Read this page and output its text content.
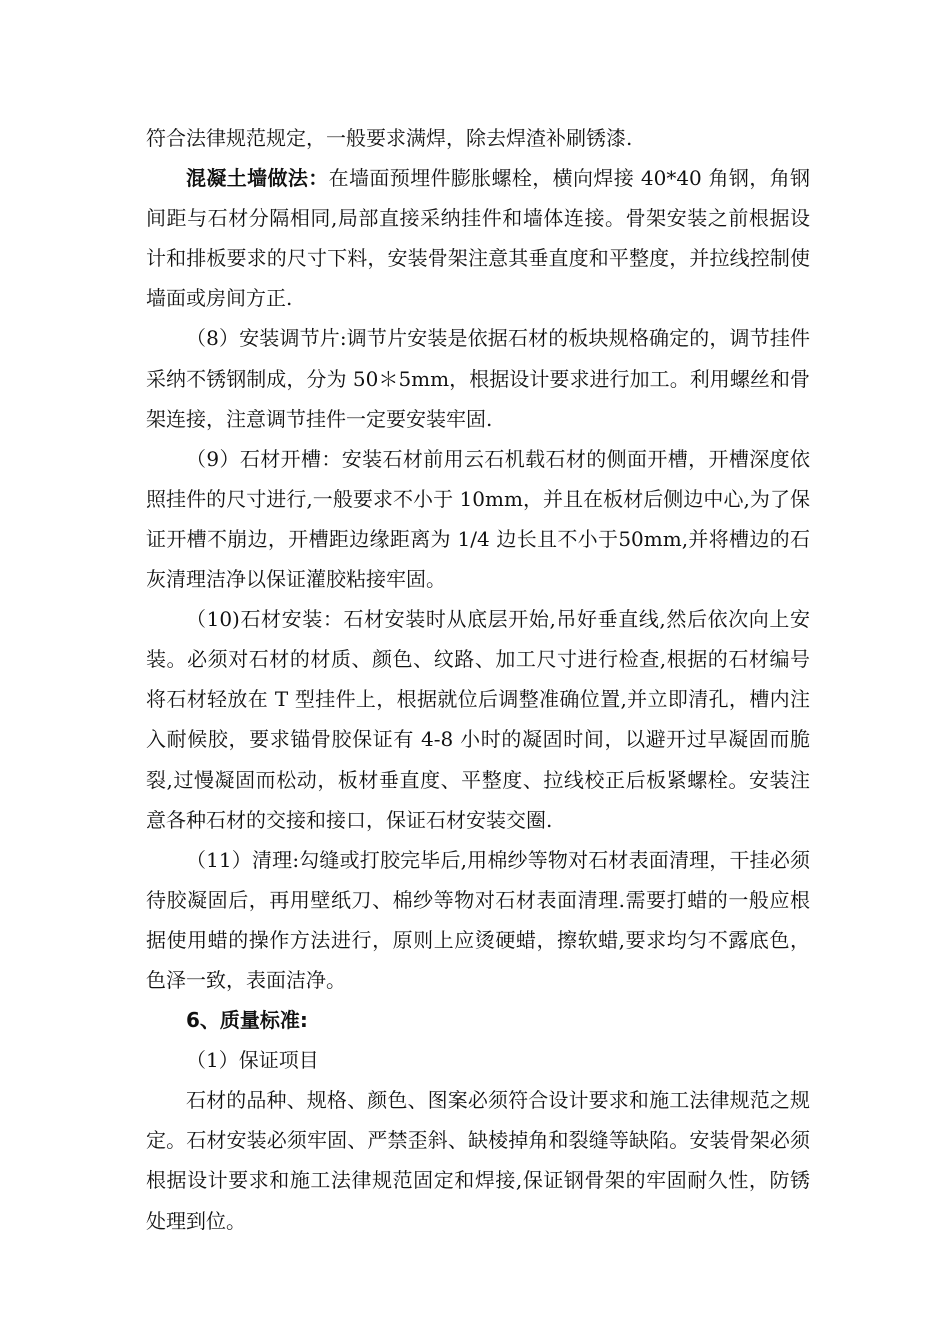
符合法律规范规定，一般要求满焊，除去焊渣补刷锈漆.

混凝土墙做法：在墙面预埋件膨胀螺栓，横向焊接 40*40 角钢，角钢间距与石材分隔相同,局部直接采纳挂件和墙体连接。骨架安装之前根据设计和排板要求的尺寸下料，安装骨架注意其垂直度和平整度，并拉线控制使墙面或房间方正.

（8）安装调节片:调节片安装是依据石材的板块规格确定的，调节挂件采纳不锈钢制成，分为 50＊5mm，根据设计要求进行加工。利用螺丝和骨架连接，注意调节挂件一定要安装牢固.

（9）石材开槽：安装石材前用云石机载石材的侧面开槽，开槽深度依照挂件的尺寸进行,一般要求不小于 10mm，并且在板材后侧边中心,为了保证开槽不崩边，开槽距边缘距离为 1/4 边长且不小于50mm,并将槽边的石灰清理洁净以保证灌胶粘接牢固。

（10)石材安装：石材安装时从底层开始,吊好垂直线,然后依次向上安装。必须对石材的材质、颜色、纹路、加工尺寸进行检查,根据的石材编号将石材轻放在 T 型挂件上，根据就位后调整准确位置,并立即清孔，槽内注入耐候胶，要求锚骨胶保证有 4-8 小时的凝固时间，以避开过早凝固而脆裂,过慢凝固而松动，板材垂直度、平整度、拉线校正后板紧螺栓。安装注意各种石材的交接和接口，保证石材安装交圈.

（11）清理:勾缝或打胶完毕后,用棉纱等物对石材表面清理，干挂必须待胶凝固后，再用壁纸刀、棉纱等物对石材表面清理.需要打蜡的一般应根据使用蜡的操作方法进行，原则上应烫硬蜡，擦软蜡,要求均匀不露底色，色泽一致，表面洁净。

6、质量标准:

（1）保证项目

石材的品种、规格、颜色、图案必须符合设计要求和施工法律规范之规定。石材安装必须牢固、严禁歪斜、缺棱掉角和裂缝等缺陷。安装骨架必须根据设计要求和施工法律规范固定和焊接,保证钢骨架的牢固耐久性，防锈处理到位。
